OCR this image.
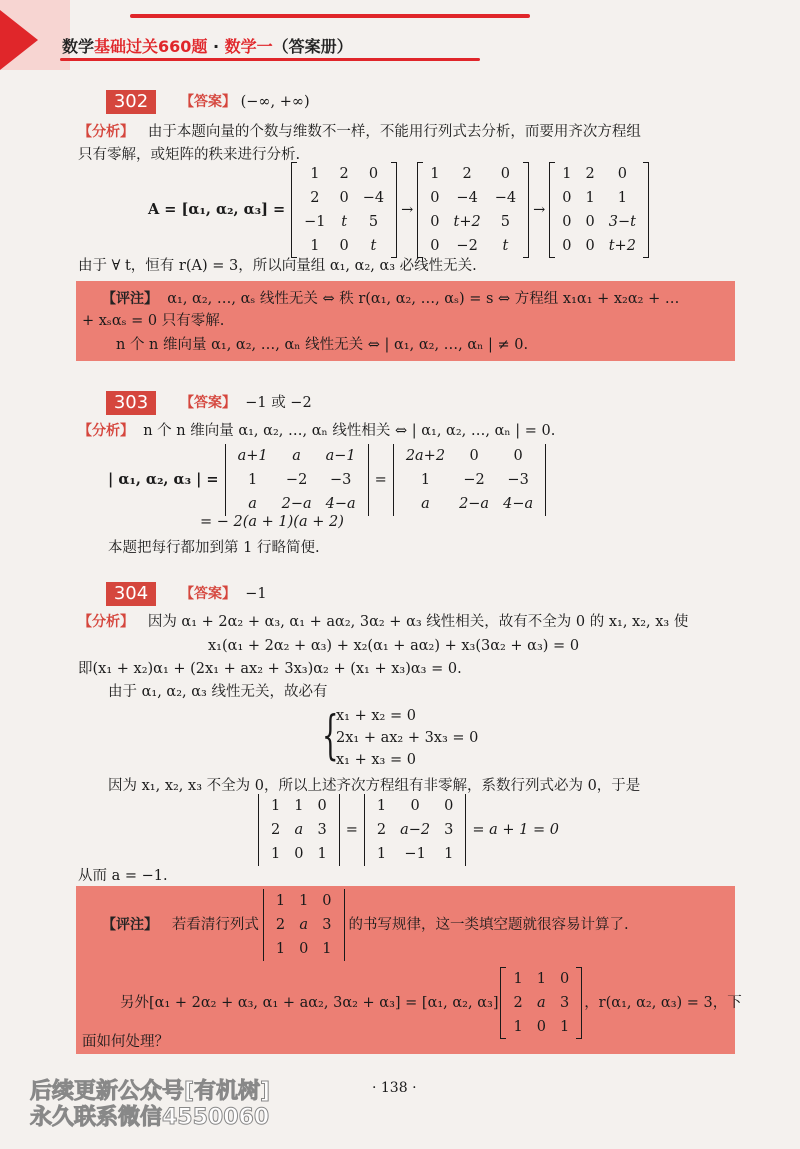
数学基础过关660题 · 数学一（答案册）
302	【答案】 (−∞, +∞)
【分析】 由于本题向量的个数与维数不一样，不能用行列式去分析，而要用齐次方程组
只有零解，或矩阵的秩来进行分析.
A = [α₁, α₂, α₃] =
1	2	0
2	0	−4
−1	t	5
1	0	t
→
1	2	0
0	−4	−4
0	t+2	5
0	−2	t
→
1	2	0
0	1	1
0	0	3−t
0	0	t+2
由于 ∀ t，恒有 r(A) = 3，所以向量组 α₁, α₂, α₃ 必线性无关.
【评注】 α₁, α₂, …, αₛ 线性无关 ⇔ 秩 r(α₁, α₂, …, αₛ) = s ⇔ 方程组 x₁α₁ + x₂α₂ + …
+ xₛαₛ = 0 只有零解.
n 个 n 维向量 α₁, α₂, …, αₙ 线性无关 ⇔ | α₁, α₂, …, αₙ | ≠ 0.
303	【答案】 −1 或 −2
【分析】 n 个 n 维向量 α₁, α₂, …, αₙ 线性相关 ⇔ | α₁, α₂, …, αₙ | = 0.
| α₁, α₂, α₃ | =
a+1	a	a−1
1	−2	−3
a	2−a	4−a
=
2a+2	0	0
1	−2	−3
a	2−a	4−a
= − 2(a + 1)(a + 2)
本题把每行都加到第 1 行略简便.
304	【答案】 −1
【分析】 因为 α₁ + 2α₂ + α₃, α₁ + aα₂, 3α₂ + α₃ 线性相关，故有不全为 0 的 x₁, x₂, x₃ 使
x₁(α₁ + 2α₂ + α₃) + x₂(α₁ + aα₂) + x₃(3α₂ + α₃) = 0
即(x₁ + x₂)α₁ + (2x₁ + ax₂ + 3x₃)α₂ + (x₁ + x₃)α₃ = 0.
由于 α₁, α₂, α₃ 线性无关，故必有
{
x₁ + x₂ = 0
2x₁ + ax₂ + 3x₃ = 0
x₁ + x₃ = 0
因为 x₁, x₂, x₃ 不全为 0，所以上述齐次方程组有非零解，系数行列式必为 0，于是
1	1	0
2	a	3
1	0	1
=
1	0	0
2	a−2	3
1	−1	1
= a + 1 = 0
从而 a = −1.
【评注】
若看清行列式
1	1	0
2	a	3
1	0	1
的书写规律，这一类填空题就很容易计算了.
另外[α₁ + 2α₂ + α₃, α₁ + aα₂, 3α₂ + α₃] = [α₁, α₂, α₃]
1	1	0
2	a	3
1	0	1
，r(α₁, α₂, α₃) = 3，下
面如何处理？
· 138 ·
后续更新公众号[有机树]
永久联系微信4550060
